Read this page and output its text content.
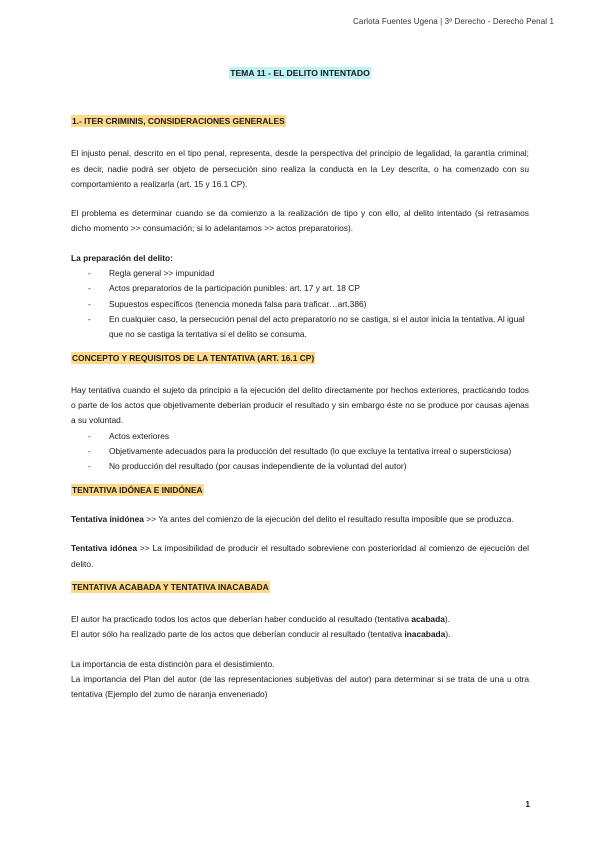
Carlota Fuentes Ugena | 3º Derecho - Derecho Penal 1
TEMA 11 - EL DELITO INTENTADO

1.- ITER CRIMINIS, CONSIDERACIONES GENERALES

El injusto penal, descrito en el tipo penal, representa, desde la perspectiva del principio de legalidad, la garantía criminal; es decir, nadie podrá ser objeto de persecución sino realiza la conducta en la Ley descrita, o ha comenzado con su comportamiento a realizarla (art. 15 y 16.1 CP).

El problema es determinar cuando se da comienzo a la realización de tipo y con ello, al delito intentado (si retrasamos dicho momento >> consumación; si lo adelantamos >> actos preparatorios).

La preparación del delito:

- Regla general >> impunidad
- Actos preparatorios de la participación punibles: art. 17 y art. 18 CP
- Supuestos específicos (tenencia moneda falsa para traficar…art.386)
- En cualquier caso, la persecución penal del acto preparatorio no se castiga, si el autor inicia la tentativa. Al igual que no se castiga la tentativa si el delito se consuma.

CONCEPTO Y REQUISITOS DE LA TENTATIVA (ART. 16.1 CP)

Hay tentativa cuando el sujeto da principio a la ejecución del delito directamente por hechos exteriores, practicando todos o parte de los actos que objetivamente deberían producir el resultado y sin embargo éste no se produce por causas ajenas a su voluntad.

- Actos exteriores
- Objetivamente adecuados para la producción del resultado (lo que excluye la tentativa irreal o supersticiosa)
- No producción del resultado (por causas independiente de la voluntad del autor)

TENTATIVA IDÓNEA E INIDÓNEA

Tentativa inidónea >> Ya antes del comienzo de la ejecución del delito el resultado resulta imposible que se produzca.

Tentativa idónea >> La imposibilidad de producir el resultado sobreviene con posterioridad al comienzo de ejecución del delito.

TENTATIVA ACABADA Y TENTATIVA INACABADA

El autor ha practicado todos los actos que deberían haber conducido al resultado (tentativa acabada).

El autor sólo ha realizado parte de los actos que deberían conducir al resultado (tentativa inacabada).

La importancia de esta distinción para el desistimiento.

La importancia del Plan del autor (de las representaciones subjetivas del autor) para determinar si se trata de una u otra tentativa (Ejemplo del zumo de naranja envenenado)

1
